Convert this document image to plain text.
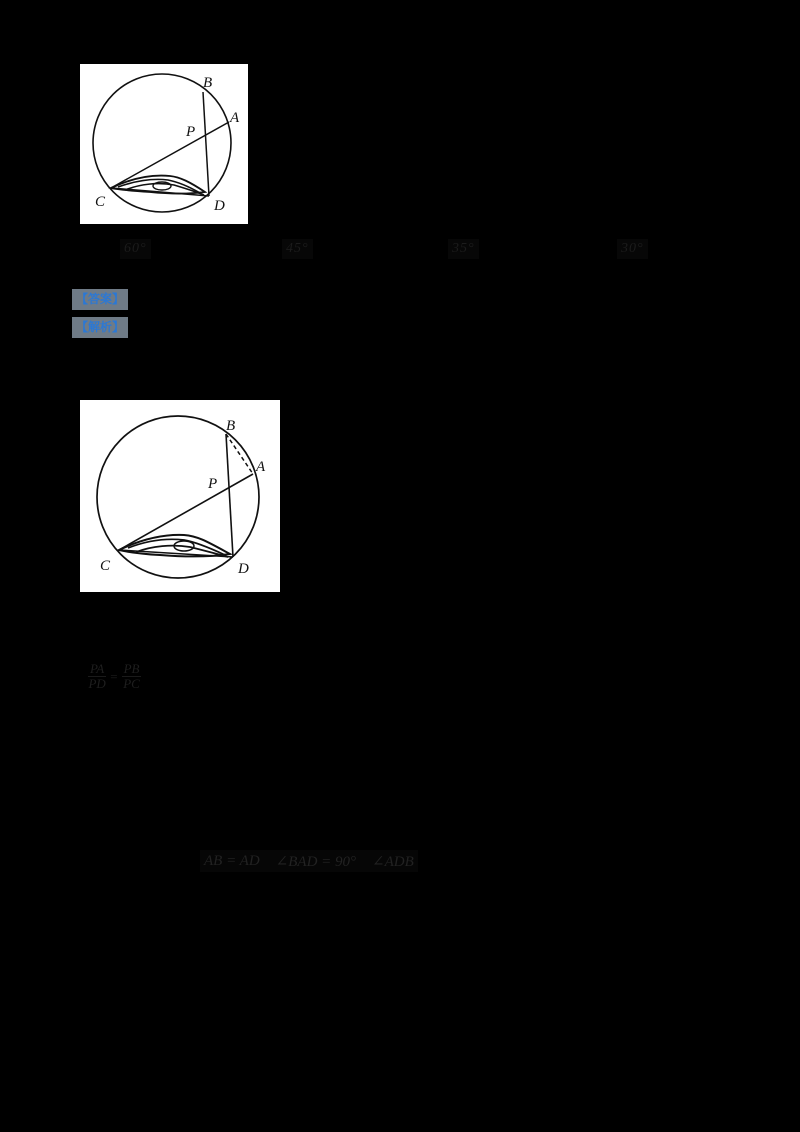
B
A
P
C	D
60°	45°	35°	30°
【答案】
【解析】
B
A
P
C	D
$\frac{PA}{PD} = \frac{PB}{PC}$
AB = AD ∠BAD = 90° ∠ADB
